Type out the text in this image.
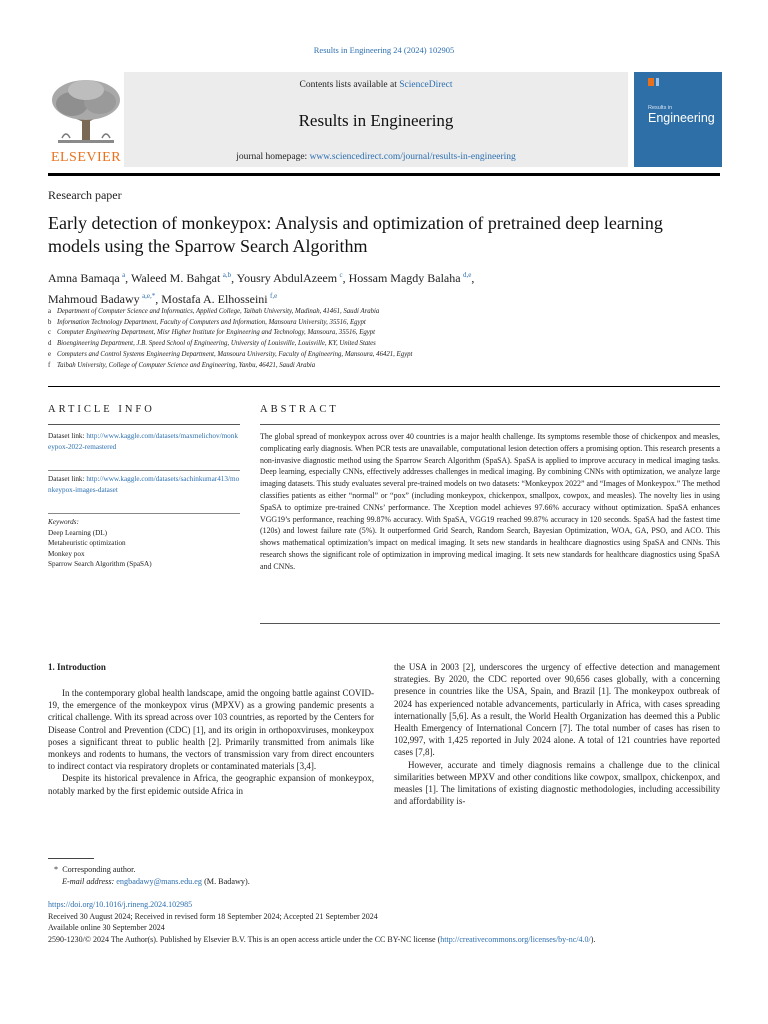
Results in Engineering 24 (2024) 102905
ELSEVIER
Contents lists available at ScienceDirect
Results in Engineering
journal homepage: www.sciencedirect.com/journal/results-in-engineering
Results in
Engineering
Research paper
Early detection of monkeypox: Analysis and optimization of pretrained deep learning models using the Sparrow Search Algorithm
Amna Bamaqa  $^a$, Waleed M. Bahgat  $^{a,b}$, Yousry AbdulAzeem  $^c$, Hossam Magdy Balaha  $^{d,e}$,
Mahmoud Badawy  $^{a,e,*}$, Mostafa A. Elhosseini  $^{f,e}$
a Department of Computer Science and Informatics, Applied College, Taibah University, Madinah, 41461, Saudi Arabia
b Information Technology Department, Faculty of Computers and Information, Mansoura University, 35516, Egypt
c Computer Engineering Department, Misr Higher Institute for Engineering and Technology, Mansoura, 35516, Egypt
d Bioengineering Department, J.B. Speed School of Engineering, University of Louisville, Louisville, KY, United States
e Computers and Control Systems Engineering Department, Mansoura University, Faculty of Engineering, Mansoura, 46421, Egypt
f Taibah University, College of Computer Science and Engineering, Yanbu, 46421, Saudi Arabia
ARTICLE INFO
Dataset link: http://www.kaggle.com/datasets/maxmelichov/monkeypox-2022-remastered
Dataset link: http://www.kaggle.com/datasets/sachinkumar413/monkeypox-images-dataset
Keywords:
Deep Learning (DL)
Metaheuristic optimization
Monkey pox
Sparrow Search Algorithm (SpaSA)
ABSTRACT
The global spread of monkeypox across over 40 countries is a major health challenge. Its symptoms resemble those of chickenpox and measles, complicating early diagnosis. When PCR tests are unavailable, computational lesion detection offers a promising option. This research presents a non-invasive diagnostic method using the Sparrow Search Algorithm (SpaSA). SpaSA is applied to improve accuracy in medical imaging tasks. Deep learning, especially CNNs, effectively addresses challenges in medical imaging. By combining CNNs with optimization, we analyze large imaging datasets. This study evaluates several pre-trained models on two datasets: “Monkeypox 2022” and “Images of Monkeypox.” The method classifies patients as either “normal” or “pox” (including monkeypox, chickenpox, smallpox, cowpox, and measles). The novelty lies in using SpaSA to optimize pre-trained CNNs’ performance. The Xception model achieves 97.66% accuracy without optimization. SpaSA enhances VGG19’s performance, reaching 99.87% accuracy. With SpaSA, VGG19 reached 99.87% accuracy in 120 seconds. SpaSA had the fastest time (120s) and lowest failure rate (5%). It outperformed Grid Search, Random Search, Bayesian Optimization, WOA, GA, PSO, and ACO. This shows mathematical optimization’s impact on medical imaging. It sets new standards in healthcare diagnostics using SpaSA and CNNs. This research shows the significant role of optimization in improving medical imaging. It sets new standards for healthcare diagnostics using SpaSA and CNNs.
1. Introduction

In the contemporary global health landscape, amid the ongoing battle against COVID-19, the emergence of the monkeypox virus (MPXV) as a growing pandemic presents a critical challenge. With its spread across over 103 countries, as reported by the Centers for Disease Control and Prevention (CDC) [1], and its origin in orthopoxviruses, monkeypox poses a significant threat to public health [2]. Primarily transmitted from animals like monkeys and rodents to humans, the vectors of transmission vary from direct encounters to indirect contact via respiratory droplets or contaminated materials [3,4].

Despite its historical prevalence in Africa, the geographic expansion of monkeypox, notably marked by the first epidemic outside Africa in

the USA in 2003 [2], underscores the urgency of effective detection and management strategies. By 2020, the CDC reported over 90,656 cases globally, with a concerning presence in countries like the USA, Spain, and Brazil [1]. The monkeypox outbreak of 2024 has experienced notable advancements, particularly in Africa, with cases spreading internationally [5,6]. As a result, the World Health Organization has deemed this a Public Health Emergency of International Concern [7]. The total number of cases has risen to 102,997, with 1,425 reported in July 2024 alone. A total of 121 countries have reported cases [7,8].

However, accurate and timely diagnosis remains a challenge due to the clinical similarities between MPXV and other conditions like cowpox, smallpox, chickenpox, and measles [1]. The limitations of existing diagnostic methodologies, including accessibility and affordability is-

*  Corresponding author.
E-mail address: engbadawy@mans.edu.eg (M. Badawy).
https://doi.org/10.1016/j.rineng.2024.102985
Received 30 August 2024; Received in revised form 18 September 2024; Accepted 21 September 2024
Available online 30 September 2024
2590-1230/© 2024 The Author(s). Published by Elsevier B.V. This is an open access article under the CC BY-NC license (http://creativecommons.org/licenses/by-nc/4.0/).
